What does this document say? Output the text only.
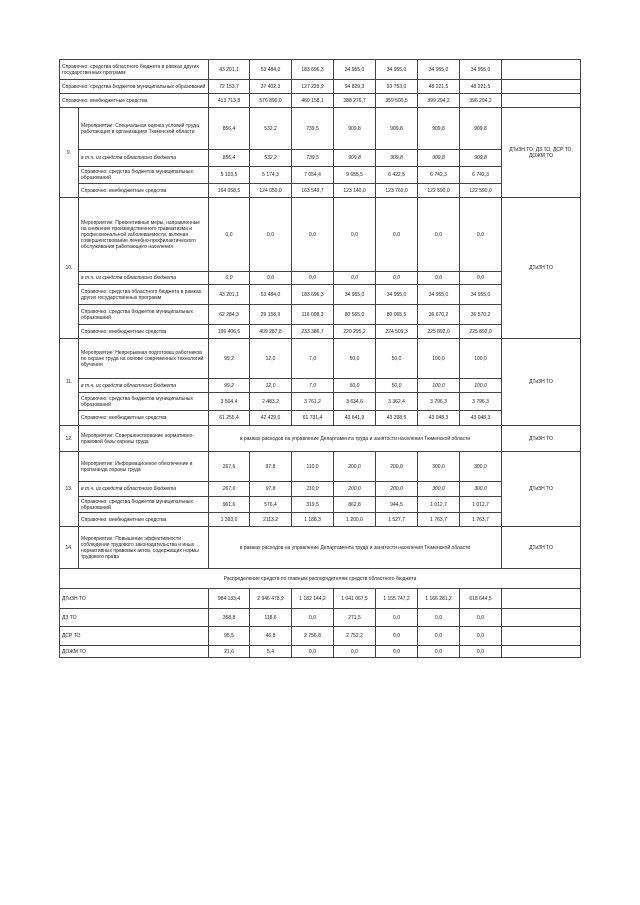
Справочно: средства областного бюджета в рамках других государственных программ		43 201,1	53 484,0	183 696,3	34 955,0	34 955,0	34 955,0	34 955,0	
Справочно: средства бюджетов муниципальных образований		72 153,7	37 402,3	127 229,9	94 829,3	93 753,0	48 221,5	48 221,5	
Справочно: внебюджетные средства		413 713,8	576 890,0	460 158,1	388 276,7	359 500,5	399 294,2	396 294,2	
9.	Мероприятие: Специальная оценка условий труда работающих в организациях Тюменской области	856,4	532,2	739,5	909,8	909,8	909,8	909,8	ДТиЗН ТО, ДЗ ТО, ДСР ТО, ДОЖМ ТО
	в т.ч. из средств областного бюджета	856,4	532,2	739,5	909,8	909,8	909,8	909,8	
	Справочно: средства бюджетов муниципальных образований	5 103,5	5 174,3	7 054,4	9 655,5	6 422,5	6 742,3	6 742,3	
	Справочно: внебюджетные средства	164 058,5	124 050,0	163 549,7	123 140,0	123 760,0	122 590,0	122 590,0	
10.	Мероприятие: Превентивные меры, направленные на снижение производственного травматизма и профессиональной заболеваемости, включая совершенствование лечебно-профилактического обслуживания работающего населения	0,0	0,0	0,0	0,0	0,0	0,0	0,0	ДТиЗН ТО
	в т.ч. из средств областного бюджета	0,0	0,0	0,0	0,0	0,0	0,0	0,0	
	Справочно: средства областного бюджета в рамках других государственных программ	43 201,1	53 484,0	183 696,3	34 955,0	34 955,0	34 955,0	34 955,0	
	Справочно: средства бюджетов муниципальных образований	62 284,3	29 158,9	116 098,3	80 565,0	80 065,5	36 670,2	36 570,2	
	Справочно: внебюджетные средства	196 406,6	409 287,8	233 386,7	220 295,2	224 509,3	225 892,0	225 892,0	
11.	Мероприятие: Непрерывная подготовка работников по охране труда на основе современных технологий обучения	99,2	12,0	7,0	50,0	50,0	100,0	100,0	ДТиЗН ТО
	в т.ч. из средств областного бюджета	99,2	12,0	7,0	50,0	50,0	100,0	100,0	
	Справочно: средства бюджетов муниципальных образований	3 504,4	2 483,2	3 761,2	3 634,6	3 362,4	3 796,3	3 796,3	
	Справочно: внебюджетные средства	61 255,4	42 429,0	61 731,4	43 641,9	43 398,5	43 048,3	43 048,3	
12.	Мероприятие: Совершенствование нормативно-правовой базы охраны труда	в рамках расходов на управление Департамента труда и занятости населения Тюменской области							ДТиЗН ТО
13.	Мероприятие: Информационное обеспечение и пропаганда охраны труда	267,6	97,8	110,0	200,0	200,0	300,0	300,0	ДТиЗН ТО
	в т.ч. из средств областного бюджета	267,6	97,8	110,0	200,0	200,0	300,0	300,0	
	Справочно: средства бюджетов муниципальных образований	961,6	576,4	319,5	862,8	944,5	1 012,7	1 012,7	
	Справочно: внебюджетные средства	1 393,0	2113,2	1 188,3	1 200,0	1 527,7	1 763,7	1 763,7	
14.	Мероприятие: Повышение эффективности соблюдения трудового законодательства и иных нормативных правовых актов, содержащих нормы трудового права	в рамках расходов на управление Департамента труда и занятости населения Тюменской области							ДТиЗН ТО
Распределение средств по главным распорядителям средств областного бюджета									
ДТиЗН ТО		984 133,4	2 946 478,9	1 182 144,2	1 041 067,5	1 155 747,2	1 166 281,2	618 644,5	
ДЗ ТО		358,8	118,6	0,0	271,5	0,0	0,0	0,0	
ДСР ТО		95,5	46,8	2 756,8	2 752,2	0,0	0,0	0,0	
ДОЖМ ТО		21,6	5,4	0,0	0,0	0,0	0,0	0,0	
